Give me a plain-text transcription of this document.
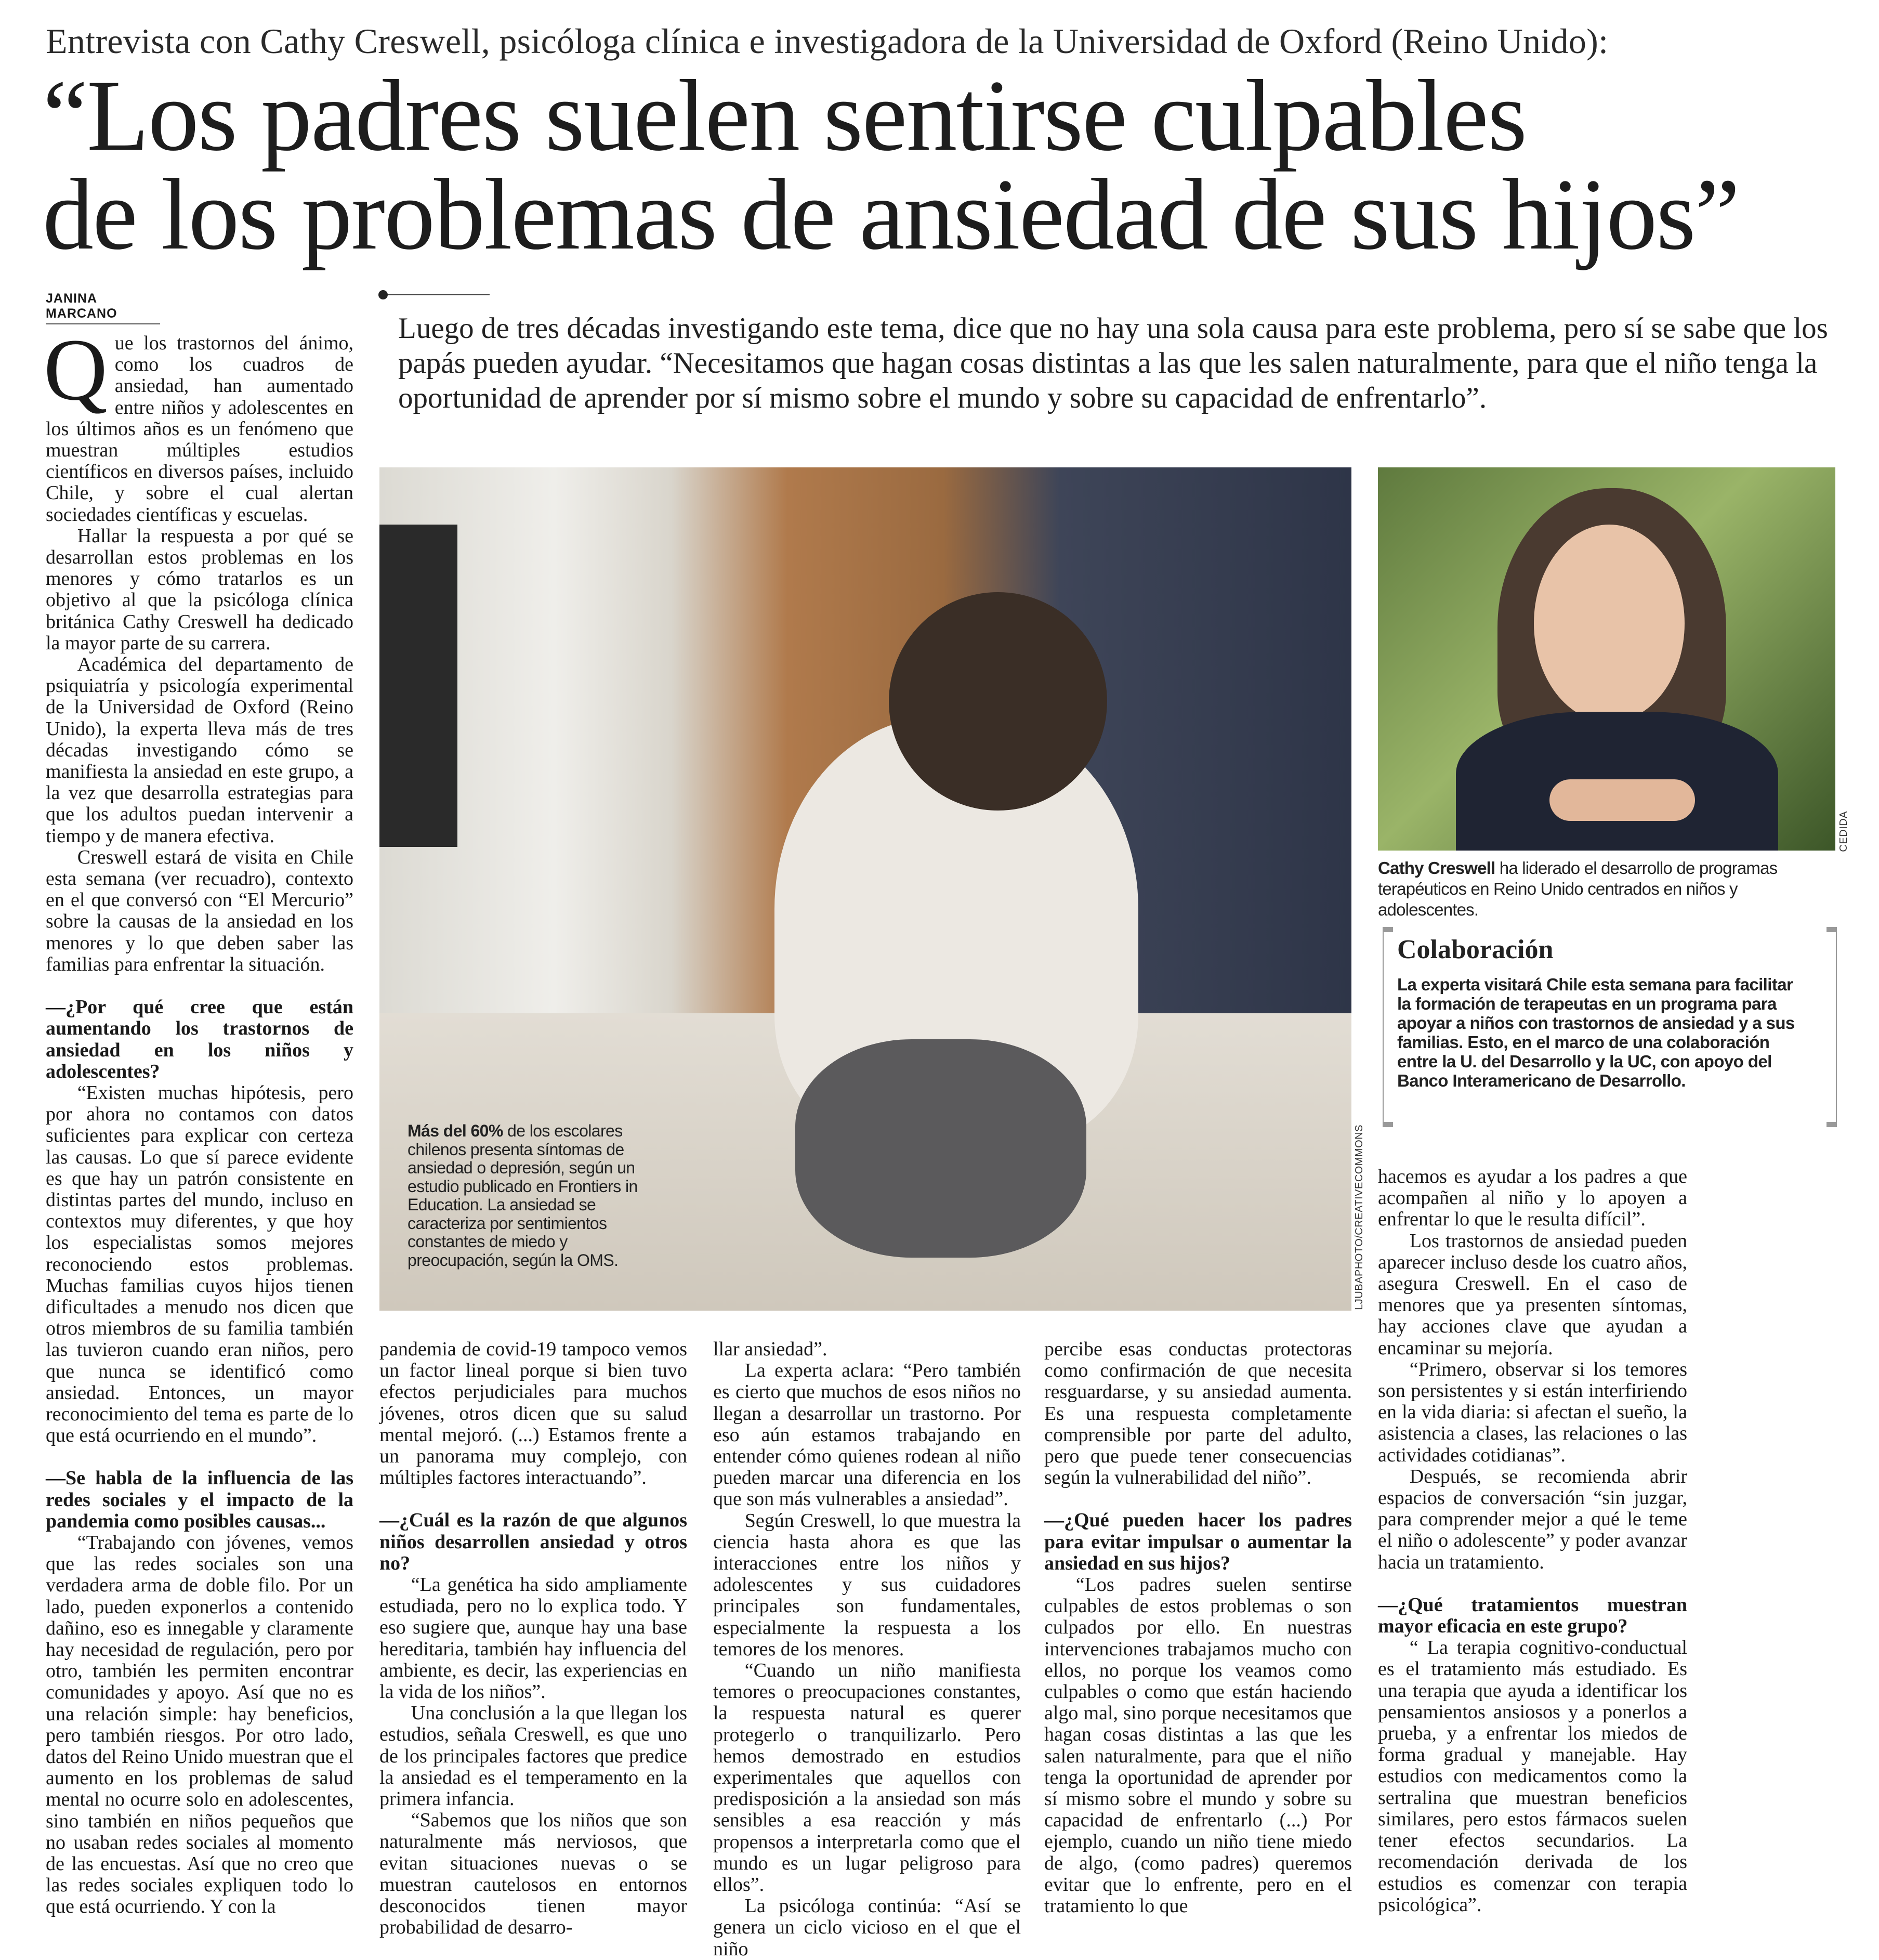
Entrevista con Cathy Creswell, psicóloga clínica e investigadora de la Universidad de Oxford (Reino Unido):
“Los padres suelen sentirse culpables
de los problemas de ansiedad de sus hijos”
JANINA MARCANO	Luego de tres décadas investigando este tema, dice que no hay una sola causa para este problema, pero sí se sabe que los papás pueden ayudar. “Necesitamos que hagan cosas distintas a las que les salen naturalmente, para que el niño tenga la oportunidad de aprender por sí mismo sobre el mundo y sobre su capacidad de enfrentarlo”.

Que los trastornos del ánimo, como los cuadros de ansiedad, han aumentado entre niños y adolescentes en los últimos años es un fenómeno que muestran múltiples estudios científicos en diversos países, incluido Chile, y sobre el cual alertan sociedades científicas y escuelas.

Hallar la respuesta a por qué se desarrollan estos problemas en los menores y cómo tratarlos es un objetivo al que la psicóloga clínica británica Cathy Creswell ha dedicado la mayor parte de su carrera.

Académica del departamento de psiquiatría y psicología experimental de la Universidad de Oxford (Reino Unido), la experta lleva más de tres décadas investigando cómo se manifiesta la ansiedad en este grupo, a la vez que desarrolla estrategias para que los adultos puedan intervenir a tiempo y de manera efectiva.

Creswell estará de visita en Chile esta semana (ver recuadro), contexto en el que conversó con “El Mercurio” sobre la causas de la ansiedad en los menores y lo que deben saber las familias para enfrentar la situación.

—¿Por qué cree que están aumentando los trastornos de ansiedad en los niños y adolescentes?

“Existen muchas hipótesis, pero por ahora no contamos con datos suficientes para explicar con certeza las causas. Lo que sí parece evidente es que hay un patrón consistente en distintas partes del mundo, incluso en contextos muy diferentes, y que hoy los especialistas somos mejores reconociendo estos problemas. Muchas familias cuyos hijos tienen dificultades a menudo nos dicen que otros miembros de su familia también las tuvieron cuando eran niños, pero que nunca se identificó como ansiedad. Entonces, un mayor reconocimiento del tema es parte de lo que está ocurriendo en el mundo”.

—Se habla de la influencia de las redes sociales y el impacto de la pandemia como posibles causas...

“Trabajando con jóvenes, vemos que las redes sociales son una verdadera arma de doble filo. Por un lado, pueden exponerlos a contenido dañino, eso es innegable y claramente hay necesidad de regulación, pero por otro, también les permiten encontrar comunidades y apoyo. Así que no es una relación simple: hay beneficios, pero también riesgos. Por otro lado, datos del Reino Unido muestran que el aumento en los problemas de salud mental no ocurre solo en adolescentes, sino también en niños pequeños que no usaban redes sociales al momento de las encuestas. Así que no creo que las redes sociales expliquen todo lo que está ocurriendo. Y con la

pandemia de covid-19 tampoco vemos un factor lineal porque si bien tuvo efectos perjudiciales para muchos jóvenes, otros dicen que su salud mental mejoró. (...) Estamos frente a un panorama muy complejo, con múltiples factores interactuando”.

—¿Cuál es la razón de que algunos niños desarrollen ansiedad y otros no?

“La genética ha sido ampliamente estudiada, pero no lo explica todo. Y eso sugiere que, aunque hay una base hereditaria, también hay influencia del ambiente, es decir, las experiencias en la vida de los niños”.

Una conclusión a la que llegan los estudios, señala Creswell, es que uno de los principales factores que predice la ansiedad es el temperamento en la primera infancia.

“Sabemos que los niños que son naturalmente más nerviosos, que evitan situaciones nuevas o se muestran cautelosos en entornos desconocidos tienen mayor probabilidad de desarro-

llar ansiedad”.

La experta aclara: “Pero también es cierto que muchos de esos niños no llegan a desarrollar un trastorno. Por eso aún estamos trabajando en entender cómo quienes rodean al niño pueden marcar una diferencia en los que son más vulnerables a ansiedad”.

Según Creswell, lo que muestra la ciencia hasta ahora es que las interacciones entre los niños y adolescentes y sus cuidadores principales son fundamentales, especialmente la respuesta a los temores de los menores.

“Cuando un niño manifiesta temores o preocupaciones constantes, la respuesta natural es querer protegerlo o tranquilizarlo. Pero hemos demostrado en estudios experimentales que aquellos con predisposición a la ansiedad son más sensibles a esa reacción y más propensos a interpretarla como que el mundo es un lugar peligroso para ellos”.

La psicóloga continúa: “Así se genera un ciclo vicioso en el que el niño

percibe esas conductas protectoras como confirmación de que necesita resguardarse, y su ansiedad aumenta. Es una respuesta completamente comprensible por parte del adulto, pero que puede tener consecuencias según la vulnerabilidad del niño”.

—¿Qué pueden hacer los padres para evitar impulsar o aumentar la ansiedad en sus hijos?

“Los padres suelen sentirse culpables de estos problemas o son culpados por ello. En nuestras intervenciones trabajamos mucho con ellos, no porque los veamos como culpables o como que están haciendo algo mal, sino porque necesitamos que hagan cosas distintas a las que les salen naturalmente, para que el niño tenga la oportunidad de aprender por sí mismo sobre el mundo y sobre su capacidad de enfrentarlo (...) Por ejemplo, cuando un niño tiene miedo de algo, (como padres) queremos evitar que lo enfrente, pero en el tratamiento lo que

hacemos es ayudar a los padres a que acompañen al niño y lo apoyen a enfrentar lo que le resulta difícil”.

Los trastornos de ansiedad pueden aparecer incluso desde los cuatro años, asegura Creswell. En el caso de menores que ya presenten síntomas, hay acciones clave que ayudan a encaminar su mejoría.

“Primero, observar si los temores son persistentes y si están interfiriendo en la vida diaria: si afectan el sueño, la asistencia a clases, las relaciones o las actividades cotidianas”.

Después, se recomienda abrir espacios de conversación “sin juzgar, para comprender mejor a qué le teme el niño o adolescente” y poder avanzar hacia un tratamiento.

—¿Qué tratamientos muestran mayor eficacia en este grupo?

“ La terapia cognitivo-conductual es el tratamiento más estudiado. Es una terapia que ayuda a identificar los pensamientos ansiosos y a ponerlos a prueba, y a enfrentar los miedos de forma gradual y manejable. Hay estudios con medicamentos como la sertralina que muestran beneficios similares, pero estos fármacos suelen tener efectos secundarios. La recomendación derivada de los estudios es comenzar con terapia psicológica”.

Más del 60% de los escolares chilenos presenta síntomas de ansiedad o depresión, según un estudio publicado en Frontiers in Education. La ansiedad se caracteriza por sentimientos constantes de miedo y preocupación, según la OMS.	LJUBAPHOTO/CREATIVECOMMONS
CEDIDA
Cathy Creswell ha liderado el desarrollo de programas terapéuticos en Reino Unido centrados en niños y adolescentes.
Colaboración
La experta visitará Chile esta semana para facilitar la formación de terapeutas en un programa para apoyar a niños con trastornos de ansiedad y a sus familias. Esto, en el marco de una colaboración entre la U. del Desarrollo y la UC, con apoyo del Banco Interamericano de Desarrollo.
